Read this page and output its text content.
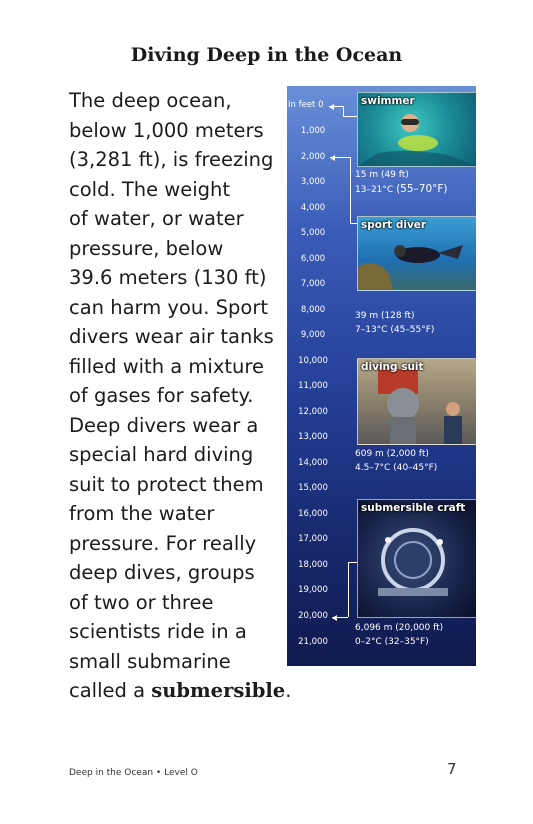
Diving Deep in the Ocean
The deep ocean,
below 1,000 meters
(3,281 ft), is freezing
cold. The weight
of water, or water
pressure, below
39.6 meters (130 ft)
can harm you. Sport
divers wear air tanks
filled with a mixture
of gases for safety.
Deep divers wear a
special hard diving
suit to protect them
from the water
pressure. For really
deep dives, groups
of two or three
scientists ride in a
small submarine
called a submersible.
In feet 0
1,000
2,000
3,000
4,000
5,000
6,000
7,000
8,000
9,000
10,000
11,000
12,000
13,000
14,000
15,000
16,000
17,000
18,000
19,000
20,000
21,000
swimmer
15 m (49 ft)
13–21°C (55–70°F)
sport diver
39 m (128 ft)
7–13°C (45–55°F)
diving suit
609 m (2,000 ft)
4.5–7°C (40–45°F)
submersible craft
6,096 m (20,000 ft)
0–2°C (32–35°F)
Deep in the Ocean • Level O	7
